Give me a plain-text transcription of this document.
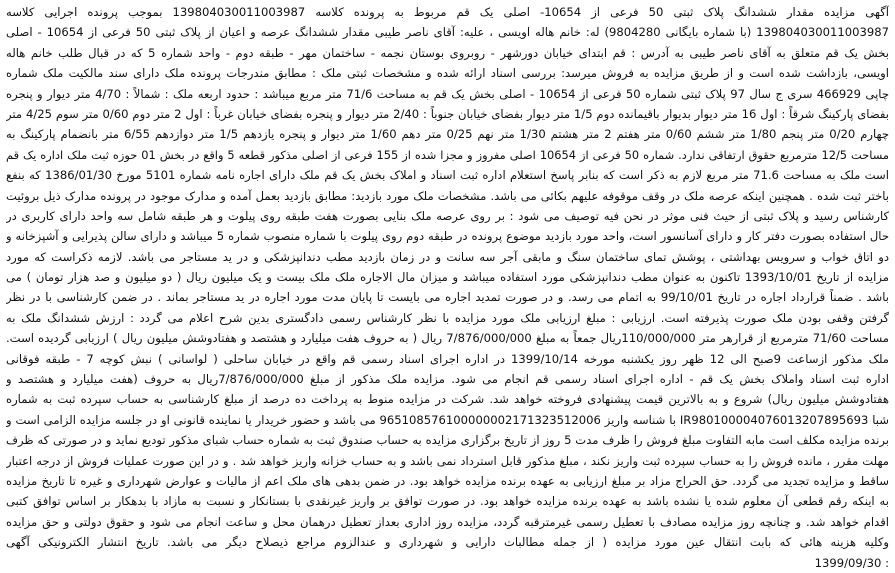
آگهی مزایده مقدار ششدانگ پلاک ثبتی 50 فرعی از 10654- اصلی یک قم مربوط به پرونده کلاسه 139804030011003987 بموجب پرونده اجرایی کلاسه
139804030011003987 (با شماره بایگانی 9804280) له: خانم هاله اویسی ، علیه: آقای ناصر طیبی مقدار ششدانگ عرصه و اعیان از پلاک ثبتی 50 فرعی از 10654 - اصلی
بخش یک قم متعلق به آقای ناصر طیبی به آدرس : قم ابتدای خیابان دورشهر - روبروی بوستان نجمه - ساختمان مهر - طبقه دوم - واحد شماره 5 که در قبال طلب خانم هاله
اویسی، بازداشت شده است و از طریق مزایده به فروش میرسد: بررسی اسناد ارائه شده و مشخصات ثبتی ملک : مطابق مندرجات پرونده ملک دارای سند مالکیت ملک شماره
چاپی 466929 سری ج سال 97 پلاک ثبتی شماره 50 فرعی از 10654 - اصلی بخش یک قم به مساحت 71/6 متر مربع میباشد : حدود اربعه ملک : شمالاً : 4/70 متر دیوار و پنجره
بفضای پارکینگ شرقاً : اول 16 متر دیوار بدیوار باقیمانده دوم 1/5 متر دیوار بفضای خیابان جنوباً : 2/40 متر دیوار و پنجره بفضای خیابان غرباً : اول 2 متر دوم 0/60 متر سوم 4/25 متر
چهارم 0/20 متر پنجم 1/80 متر ششم 0/60 متر هفتم 2 متر هشتم 1/30 متر نهم 0/25 متر دهم 1/60 متر دیوار و پنجره یازدهم 1/5 متر دوازدهم 6/55 متر بانضمام پارکینگ به
مساحت 12/5 مترمربع حقوق ارتفاقی ندارد. شماره 50 فرعی از 10654 اصلی مفروز و مجزا شده از 155 فرعی از اصلی مذکور قطعه 5 واقع در بخش 01 حوزه ثبت ملک اداره یک قم
است ملک به مساحت 71.6 متر مربع لازم به ذکر است که بنابر پاسخ استعلام اداره ثبت اسناد و املاک بخش یک قم ملک دارای اجاره نامه شماره 5101 مورخ 1386/01/30 که بنفع
باختر ثبت شده . همچنین اینکه عرصه ملک در وقف موقوفه علیهم بکائی می باشد. مشخصات ملک مورد بازدید: مطابق بازدید بعمل آمده و مدارک موجود در پرونده مدارک ذیل بروئیت
کارشناس رسید و پلاک ثبتی از حیث فنی موثر در نحن فیه توصیف می شود : بر روی عرصه ملک بنایی بصورت هفت طبقه روی پیلوت و هر طبقه شامل سه واحد دارای کاربری در
حال استفاده بصورت دفتر کار و دارای آسانسور است، واحد مورد بازدید موضوع پرونده در طبقه دوم روی پیلوت با شماره منصوب شماره 5 میباشد و دارای سالن پذیرایی و آشپزخانه و
دو اتاق خواب و سرویس بهداشتی ، پوشش تمای ساختمان سنگ و مابقی آجر سه سانت و در زمان بازدید مطب دندانپزشکی و در ید مستاجر می باشد. لازمه ذکراست که مورد
مزایده از تاریخ 1393/10/01 تاکنون به عنوان مطب دندانپزشکی مورد استفاده میباشد و میزان مال الاجاره ملک ملک بیست و یک میلیون ریال ( دو میلیون و صد هزار تومان ) می
باشد . ضمناً قرارداد اجاره در تاریخ 99/10/01 به اتمام می رسد. و در صورت تمدید اجاره می بایست تا پایان مدت مورد اجاره در ید مستاجر بماند . در ضمن کارشناسی با در نظر
گرفتن وقفی بودن ملک صورت پذیرفته است. ارزیابی : مبلغ ارزیابی ملک مورد مزایده با نظر کارشناس رسمی دادگستری بدین شرح اعلام می گردد : ارزش ششدانگ ملک به
مساحت 71/60 مترمربع از قرارهر متر 110/000/000ریال جمعاً به مبلغ 7/876/000/000 ریال ( به حروف هفت میلیارد و هشتصد و هفتادوشش میلیون ریال ) ارزیابی گردیده است.
ملک مذکور ازساعت 9صبح الی 12 ظهر روز یکشنبه مورخه 1399/10/14 در اداره اجرای اسناد رسمی قم واقع در خیابان ساحلی ( لواسانی ) نبش کوچه 7 - طبقه فوقانی
اداره ثبت اسناد واملاک بخش یک قم - اداره اجرای اسناد رسمی قم انجام می شود. مزایده ملک مذکور از مبلغ 7/876/000/000ریال به حروف (هفت میلیارد و هشتصد و
هفتادوشش میلیون ریال) شروع و به بالاترین قیمت پیشنهادی فروخته خواهد شد. شرکت در مزایده منوط به پرداخت ده درصد از مبلغ کارشناسی به حساب سپرده ثبت به شماره
شبا IR980100004076013207895693 با شناسه واریز 965108576100000002171323512006 می باشد و حضور خریدار یا نماینده قانونی او در جلسه مزایده الزامی است و
برنده مزایده مکلف است مابه التفاوت مبلغ فروش را ظرف مدت 5 روز از تاریخ برگزاری مزایده به حساب صندوق ثبت به شماره حساب شبای مذکور تودیع نماید و در صورتی که ظرف
مهلت مقرر ، مانده فروش را به حساب سپرده ثبت واریز نکند ، مبلغ مذکور قابل استرداد نمی باشد و به حساب خزانه واریز خواهد شد . و در این صورت عملیات فروش از درجه اعتبار
ساقط و مزایده تجدید می گردد. حق الحراج مزاد بر مبلغ ارزیابی به عهده برنده مزایده خواهد بود. در ضمن بدهی های ملک اعم از مالیات و عوارض شهرداری و غیره تا تاریخ مزایده
به اینکه رقم قطعی آن معلوم شده یا نشده باشد به عهده برنده مزایده خواهد بود. در صورت توافق بر واریز غیرنقدی با بستانکار و نسبت به مازاد با بدهکار بر اساس توافق کتبی
اقدام خواهد شد. و چنانچه روز مزایده مصادف با تعطیل رسمی غیرمترقبه گردد، مزایده روز اداری بعداز تعطیل درهمان محل و ساعت انجام می شود و حقوق دولتی و حق مزایده
وکلیه هزینه هائی که بابت انتقال عین مورد مزایده ( از جمله مطالبات دارایی و شهرداری و عندالزوم مراجع ذیصلاح دیگر می باشد. تاریخ انتشار الکترونیکی آگهی
1399/09/30 :
